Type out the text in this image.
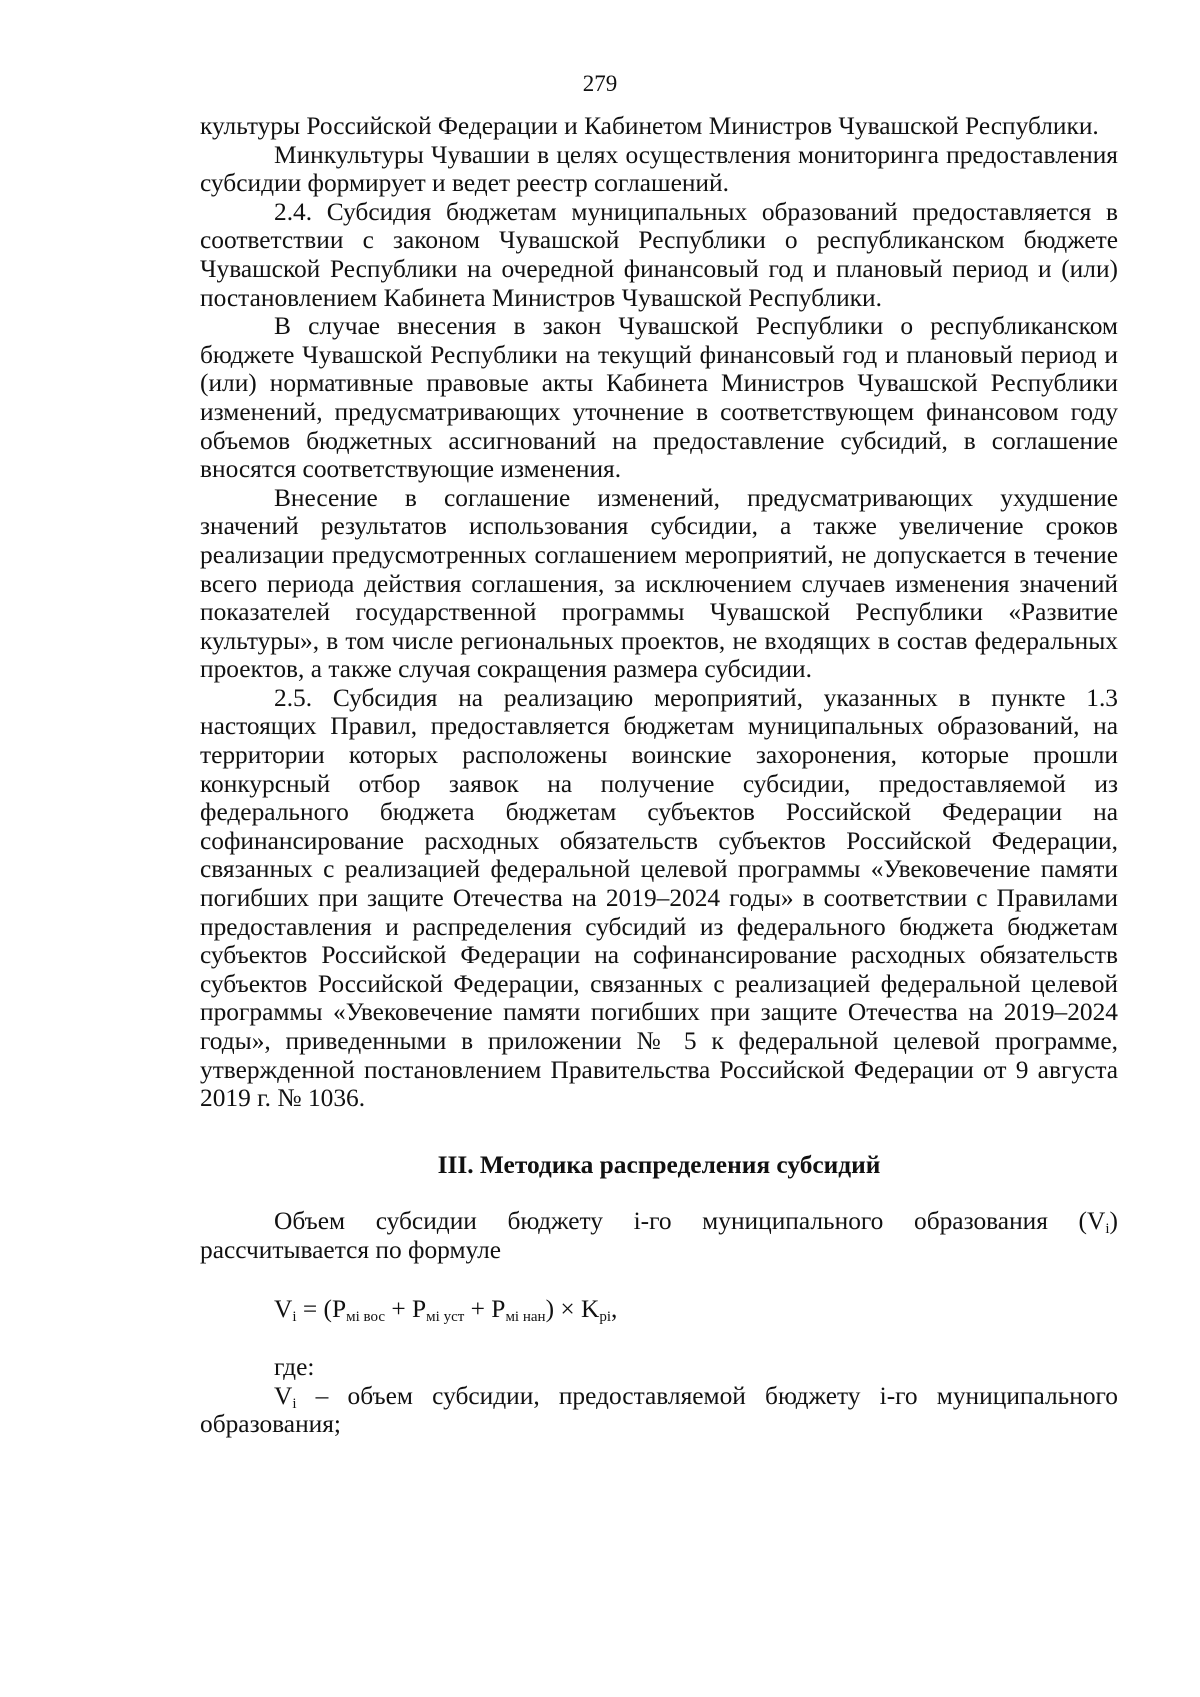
279

культуры Российской Федерации и Кабинетом Министров Чувашской Республики.

Минкультуры Чувашии в целях осуществления мониторинга предоставления субсидии формирует и ведет реестр соглашений.

2.4. Субсидия бюджетам муниципальных образований предоставляется в соответствии с законом Чувашской Республики о республиканском бюджете Чувашской Республики на очередной финансовый год и плановый период и (или) постановлением Кабинета Министров Чувашской Республики.

В случае внесения в закон Чувашской Республики о республиканском бюджете Чувашской Республики на текущий финансовый год и плановый период и (или) нормативные правовые акты Кабинета Министров Чувашской Республики изменений, предусматривающих уточнение в соответствующем финансовом году объемов бюджетных ассигнований на предоставление субсидий, в соглашение вносятся соответствующие изменения.

Внесение в соглашение изменений, предусматривающих ухудшение значений результатов использования субсидии, а также увеличение сроков реализации предусмотренных соглашением мероприятий, не допускается в течение всего периода действия соглашения, за исключением случаев изменения значений показателей государственной программы Чувашской Республики «Развитие культуры», в том числе региональных проектов, не входящих в состав федеральных проектов, а также случая сокращения размера субсидии.

2.5. Субсидия на реализацию мероприятий, указанных в пункте 1.3 настоящих Правил, предоставляется бюджетам муниципальных образований, на территории которых расположены воинские захоронения, которые прошли конкурсный отбор заявок на получение субсидии, предоставляемой из федерального бюджета бюджетам субъектов Российской Федерации на софинансирование расходных обязательств субъектов Российской Федерации, связанных с реализацией федеральной целевой программы «Увековечение памяти погибших при защите Отечества на 2019–2024 годы» в соответствии с Правилами предоставления и распределения субсидий из федерального бюджета бюджетам субъектов Российской Федерации на софинансирование расходных обязательств субъектов Российской Федерации, связанных с реализацией федеральной целевой программы «Увековечение памяти погибших при защите Отечества на 2019–2024 годы», приведенными в приложении № 5 к федеральной целевой программе, утвержденной постановлением Правительства Российской Федерации от 9 августа 2019 г. № 1036.

III. Методика распределения субсидий

Объем субсидии бюджету i-го муниципального образования $(V_i)$ рассчитывается по формуле

$V_i = (P_{мi вос} + P_{мi уст} + P_{мi нан}) \times K_{pi}$,

где:

$V_i$ – объем субсидии, предоставляемой бюджету i-го муниципального образования;
